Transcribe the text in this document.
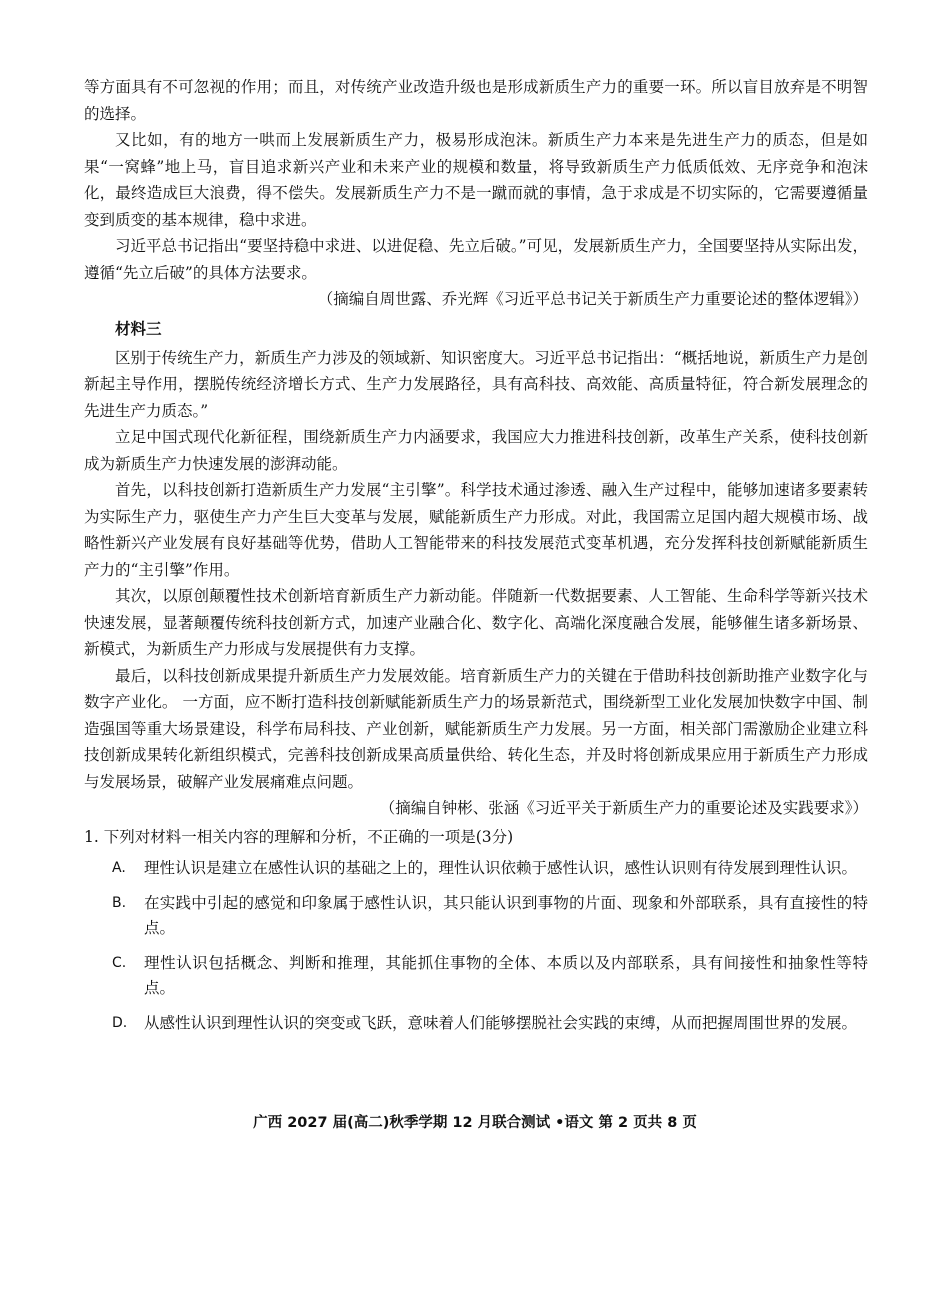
等方面具有不可忽视的作用；而且，对传统产业改造升级也是形成新质生产力的重要一环。所以盲目放弃是不明智的选择。

又比如，有的地方一哄而上发展新质生产力，极易形成泡沫。新质生产力本来是先进生产力的质态，但是如果“一窝蜂”地上马，盲目追求新兴产业和未来产业的规模和数量，将导致新质生产力低质低效、无序竞争和泡沫化，最终造成巨大浪费，得不偿失。发展新质生产力不是一蹴而就的事情，急于求成是不切实际的，它需要遵循量变到质变的基本规律，稳中求进。

习近平总书记指出“要坚持稳中求进、以进促稳、先立后破。”可见，发展新质生产力，全国要坚持从实际出发，遵循“先立后破”的具体方法要求。

（摘编自周世露、乔光辉《习近平总书记关于新质生产力重要论述的整体逻辑》）

材料三

区别于传统生产力，新质生产力涉及的领域新、知识密度大。习近平总书记指出：“概括地说，新质生产力是创新起主导作用，摆脱传统经济增长方式、生产力发展路径，具有高科技、高效能、高质量特征，符合新发展理念的先进生产力质态。”

立足中国式现代化新征程，围绕新质生产力内涵要求，我国应大力推进科技创新，改革生产关系，使科技创新成为新质生产力快速发展的澎湃动能。

首先，以科技创新打造新质生产力发展“主引擎”。科学技术通过渗透、融入生产过程中，能够加速诸多要素转为实际生产力，驱使生产力产生巨大变革与发展，赋能新质生产力形成。对此，我国需立足国内超大规模市场、战略性新兴产业发展有良好基础等优势，借助人工智能带来的科技发展范式变革机遇，充分发挥科技创新赋能新质生产力的“主引擎”作用。

其次，以原创颠覆性技术创新培育新质生产力新动能。伴随新一代数据要素、人工智能、生命科学等新兴技术快速发展，显著颠覆传统科技创新方式，加速产业融合化、数字化、高端化深度融合发展，能够催生诸多新场景、新模式，为新质生产力形成与发展提供有力支撑。

最后，以科技创新成果提升新质生产力发展效能。培育新质生产力的关键在于借助科技创新助推产业数字化与数字产业化。 一方面，应不断打造科技创新赋能新质生产力的场景新范式，围绕新型工业化发展加快数字中国、制造强国等重大场景建设，科学布局科技、产业创新，赋能新质生产力发展。另一方面，相关部门需激励企业建立科技创新成果转化新组织模式，完善科技创新成果高质量供给、转化生态，并及时将创新成果应用于新质生产力形成与发展场景，破解产业发展痛难点问题。

（摘编自钟彬、张涵《习近平关于新质生产力的重要论述及实践要求》）

1. 下列对材料一相关内容的理解和分析，不正确的一项是(3分)
A.	理性认识是建立在感性认识的基础之上的，理性认识依赖于感性认识，感性认识则有待发展到理性认识。
B.	在实践中引起的感觉和印象属于感性认识，其只能认识到事物的片面、现象和外部联系，具有直接性的特点。
C.	理性认识包括概念、判断和推理，其能抓住事物的全体、本质以及内部联系，具有间接性和抽象性等特点。
D.	从感性认识到理性认识的突变或飞跃，意味着人们能够摆脱社会实践的束缚，从而把握周围世界的发展。
广西 2027 届(高二)秋季学期 12 月联合测试 •语文 第 2 页共 8 页
